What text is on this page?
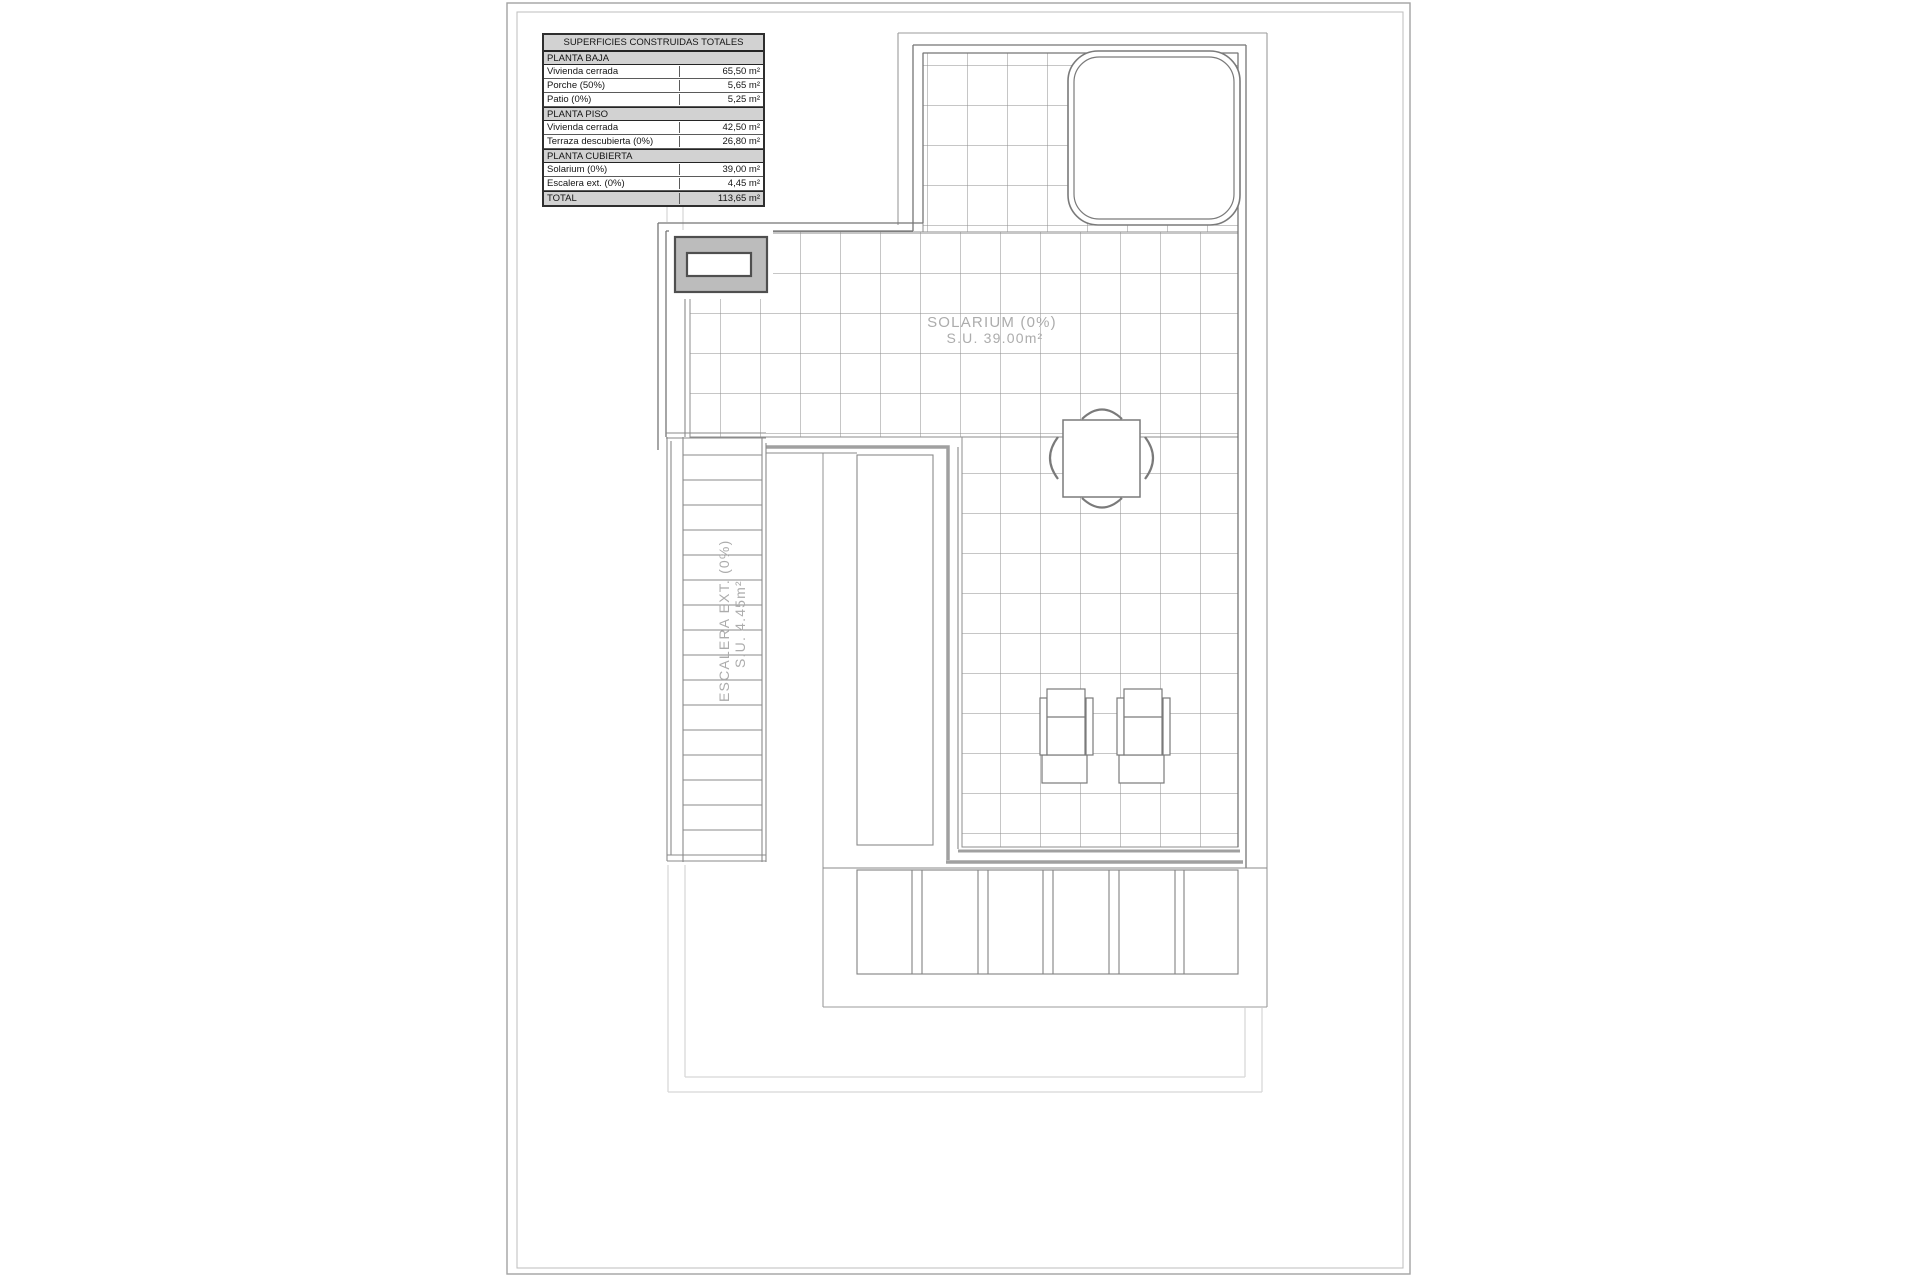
SOLARIUM (0%)
S.U. 39.00m²
ESCALERA EXT. (0%) S.U. 4.45m²
SUPERFICIES CONSTRUIDAS TOTALES
PLANTA BAJA
Vivienda cerrada	65,50 m²
Porche (50%)	5,65 m²
Patio (0%)	5,25 m²
PLANTA PISO
Vivienda cerrada	42,50 m²
Terraza descubierta (0%)	26,80 m²
PLANTA CUBIERTA
Solarium (0%)	39,00 m²
Escalera ext. (0%)	4,45 m²
TOTAL	113,65 m²
